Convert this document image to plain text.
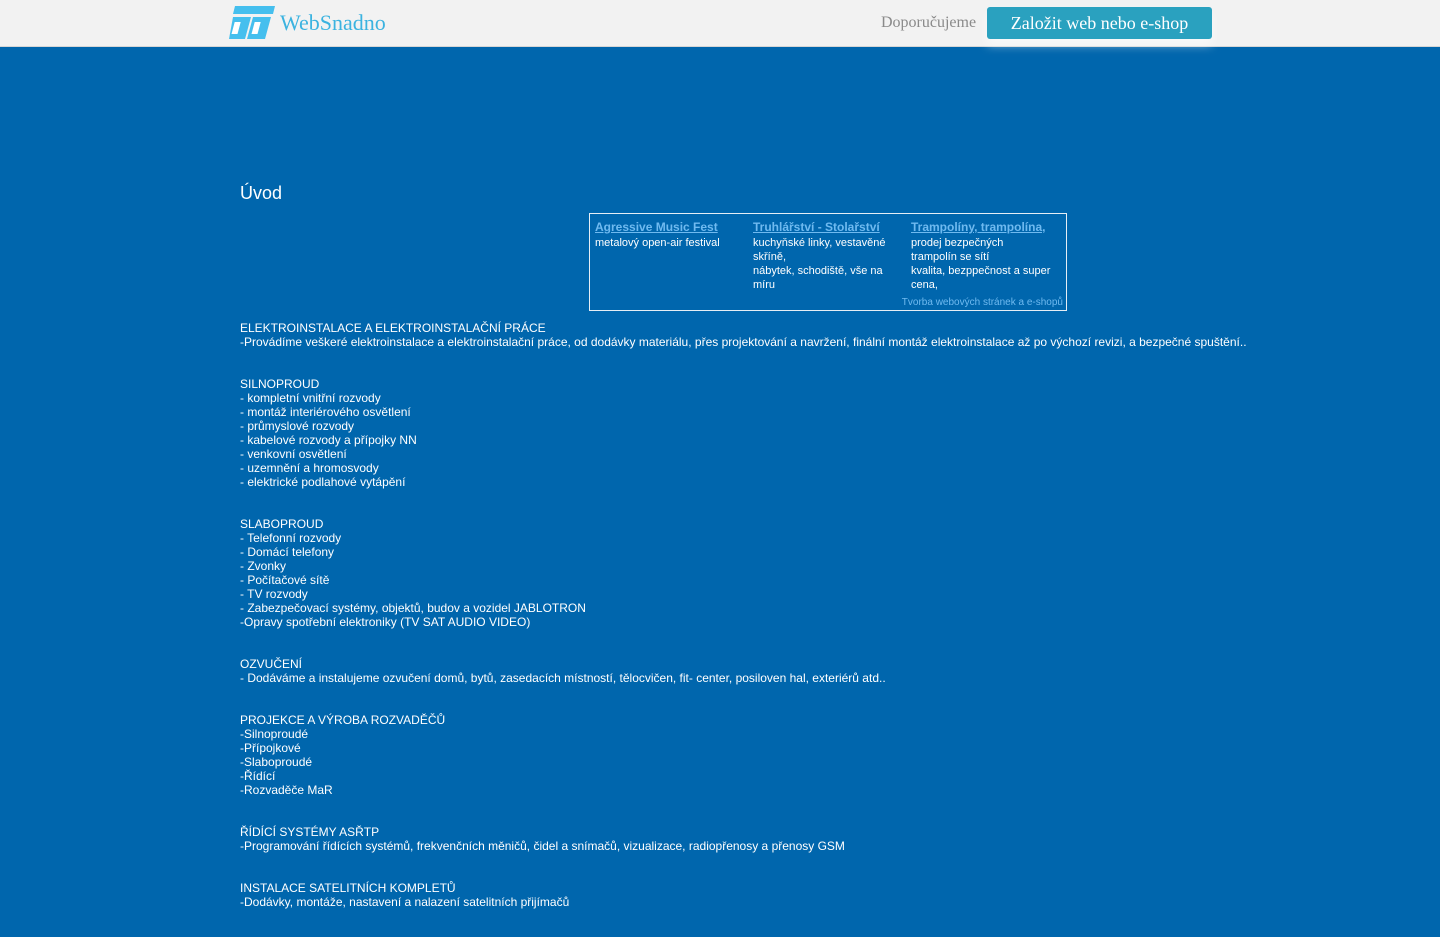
WebSnadno	Doporučujeme	Založit web nebo e-shop
Úvod
Agressive Music Fest
metalový open-air festival
Truhlářství - Stolařství
kuchyňské linky, vestavěné skříně,
nábytek, schodiště, vše na míru
Trampolíny, trampolína,
prodej bezpečných trampolín se sítí
kvalita, bezppečnost a super cena,
Tvorba webových stránek a e-shopů
ELEKTROINSTALACE A ELEKTROINSTALAČNÍ PRÁCE
-Provádíme veškeré elektroinstalace a elektroinstalační práce, od dodávky materiálu, přes projektování a navržení, finální montáž elektroinstalace až po výchozí revizi, a bezpečné spuštění..
SILNOPROUD
- kompletní vnitřní rozvody
- montáž interiérového osvětlení
- průmyslové rozvody
- kabelové rozvody a přípojky NN
- venkovní osvětlení
- uzemnění a hromosvody
- elektrické podlahové vytápění
SLABOPROUD
- Telefonní rozvody
- Domácí telefony
- Zvonky
- Počítačové sítě
- TV rozvody
- Zabezpečovací systémy, objektů, budov a vozidel JABLOTRON
-Opravy spotřební elektroniky (TV SAT AUDIO VIDEO)
OZVUČENÍ
- Dodáváme a instalujeme ozvučení domů, bytů, zasedacích místností, tělocvičen, fit- center, posiloven hal, exteriérů atd..
PROJEKCE A VÝROBA ROZVADĚČŮ
-Silnoproudé
-Přípojkové
-Slaboproudé
-Řídící
-Rozvaděče MaR
ŘÍDÍCÍ SYSTÉMY ASŘTP
-Programování řídících systémů, frekvenčních měničů, čidel a snímačů, vizualizace, radiopřenosy a přenosy GSM
INSTALACE SATELITNÍCH KOMPLETŮ
-Dodávky, montáže, nastavení a nalazení satelitních přijímačů
